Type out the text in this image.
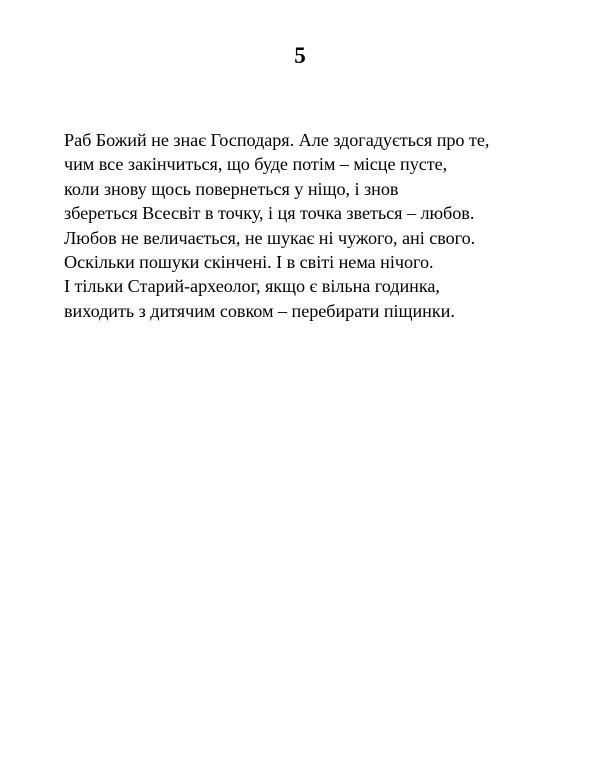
5
Раб Божий не знає Господаря. Але здогадується про те,
чим все закінчиться, що буде потім – місце пусте,
коли знову щось повернеться у ніщо, і знов
збереться Всесвіт в точку, і ця точка зветься – любов.
Любов не величається, не шукає ні чужого, ані свого.
Оскільки пошуки скінчені. І в світі нема нічого.
І тільки Старий-археолог, якщо є вільна годинка,
виходить з дитячим совком – перебирати піщинки.
